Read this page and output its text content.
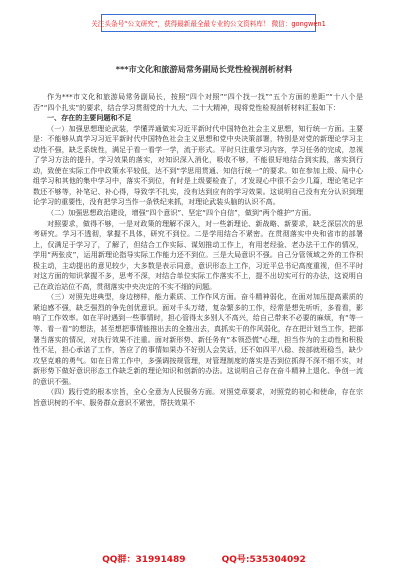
关注头条号“公文研究”，获得最新最全最专业的公文资料库！ 微信：gongwen1
***市文化和旅游局常务副局长党性检视剖析材料

作为***市文化和旅游局常务副局长，按照“四个对照”“四个找一找”“五个方面的差距”“十八个是否”“四个扎实”的要求，结合学习贯彻党的十九大、二十大精神，现将党性检视剖析材料汇报如下：

一、存在的主要问题和不足

（一）加强思想理论武装，学懂弄通做实习近平新时代中国特色社会主义思想，知行统一方面。主要是：不能够从真学习习近平新时代中国特色社会主义思想和党中央决策部署，特别是对党的新理论学习主动性不强，缺乏系统性，满足于看一看学一学，流于形式。平时只注重学习内容，学习任务的完成，忽视了学习方法的提升，学习效果的落实，对知识深入消化，吸收不够，不能很好地结合到实践，落实到行动，致使在实际工作中政策水平较低，达不到“学思用贯通、知信行统一”的要求。如在参加上级、局中心组学习和其他的集中学习中，落实不到位，有时是上级要检查了，才发现心中很不会少几篇，理论笔记字数还不够等，补笔记、补心得，导致学不扎实，没有达到应有的学习效果。这说明自己没有充分认识到理论学习的重要性，没有把学习当作一条铁纪来抓，对理论武装头脑的认识不高。

（二）加强思想政治建设，增强“四个意识”、坚定“四个自信”，做到“两个维护”方面。

对照要求，做得不够，一是对政策的理解不深入，对一些新理论、新战略、新要求，缺乏深层次的思考研究。学习不透彻，掌握不具体，研究不到位。二是学用结合不紧密。在贯彻落实中央和省市的部署上，仅满足于学习了，了解了，但结合工作实际、谋划推动工作上，有用老经验、老办法干工作的情况，学用“两张皮”，运用新理论指导实际工作能力还不到位。三是大局意识不强。自己分管领域之外的工作积极主动，主动提出的意见较少，大多数是表示同意，意识形态上工作，习近平总书记高度重视，但不平时对这方面的知识掌握不多，思考不深，对结合单位实际工作落实不上，提不出切实可行的办法，这说明自己在政治站位不高，贯彻落实中央决定的不实不细的问题。

（三）对照先进典型，身边榜样，能力素质、工作作风方面。奋斗精神弱化，在面对加压提高素质的紧迫感不强，缺乏强烈的争先创优意识。面对千头万绪，复杂繁多的工作，经常是想先听听，多看看，影响了工作效率。如在平时遇到一些事情时，担心管得太多别人不高兴，给自己带来不必要的麻烦，有“等一等、看一看”的想法，甚至想把事情能推出去的全推出去，真抓实干的作风弱化，存在把计划当工作，把部署当落实的情况，对执行效果不注重。面对新形势、新任务有“本领恐慌”心理，担当作为的主动性和积极性不足，担心承诺了工作，答应了的事情如果办不好别人会笑话，还不如四平八稳、按部就班稳当，缺少攻坚克难的勇气。如在日常工作中，多强调按规管理，对管理制度的落实是否到位抓得不深不细不实，对新形势下做好意识形态工作缺乏新的理论知识和创新的办法。这说明自己存在奋斗精神上退化、争创一流的意识不强。

（四）践行党的根本宗旨，全心全意为人民服务方面。对照党章要求，对照党的初心和使命，存在宗旨意识树的不牢、服务群众意识不紧密，帮扶效果不

QQ群：31991489	QQ号:535304092
